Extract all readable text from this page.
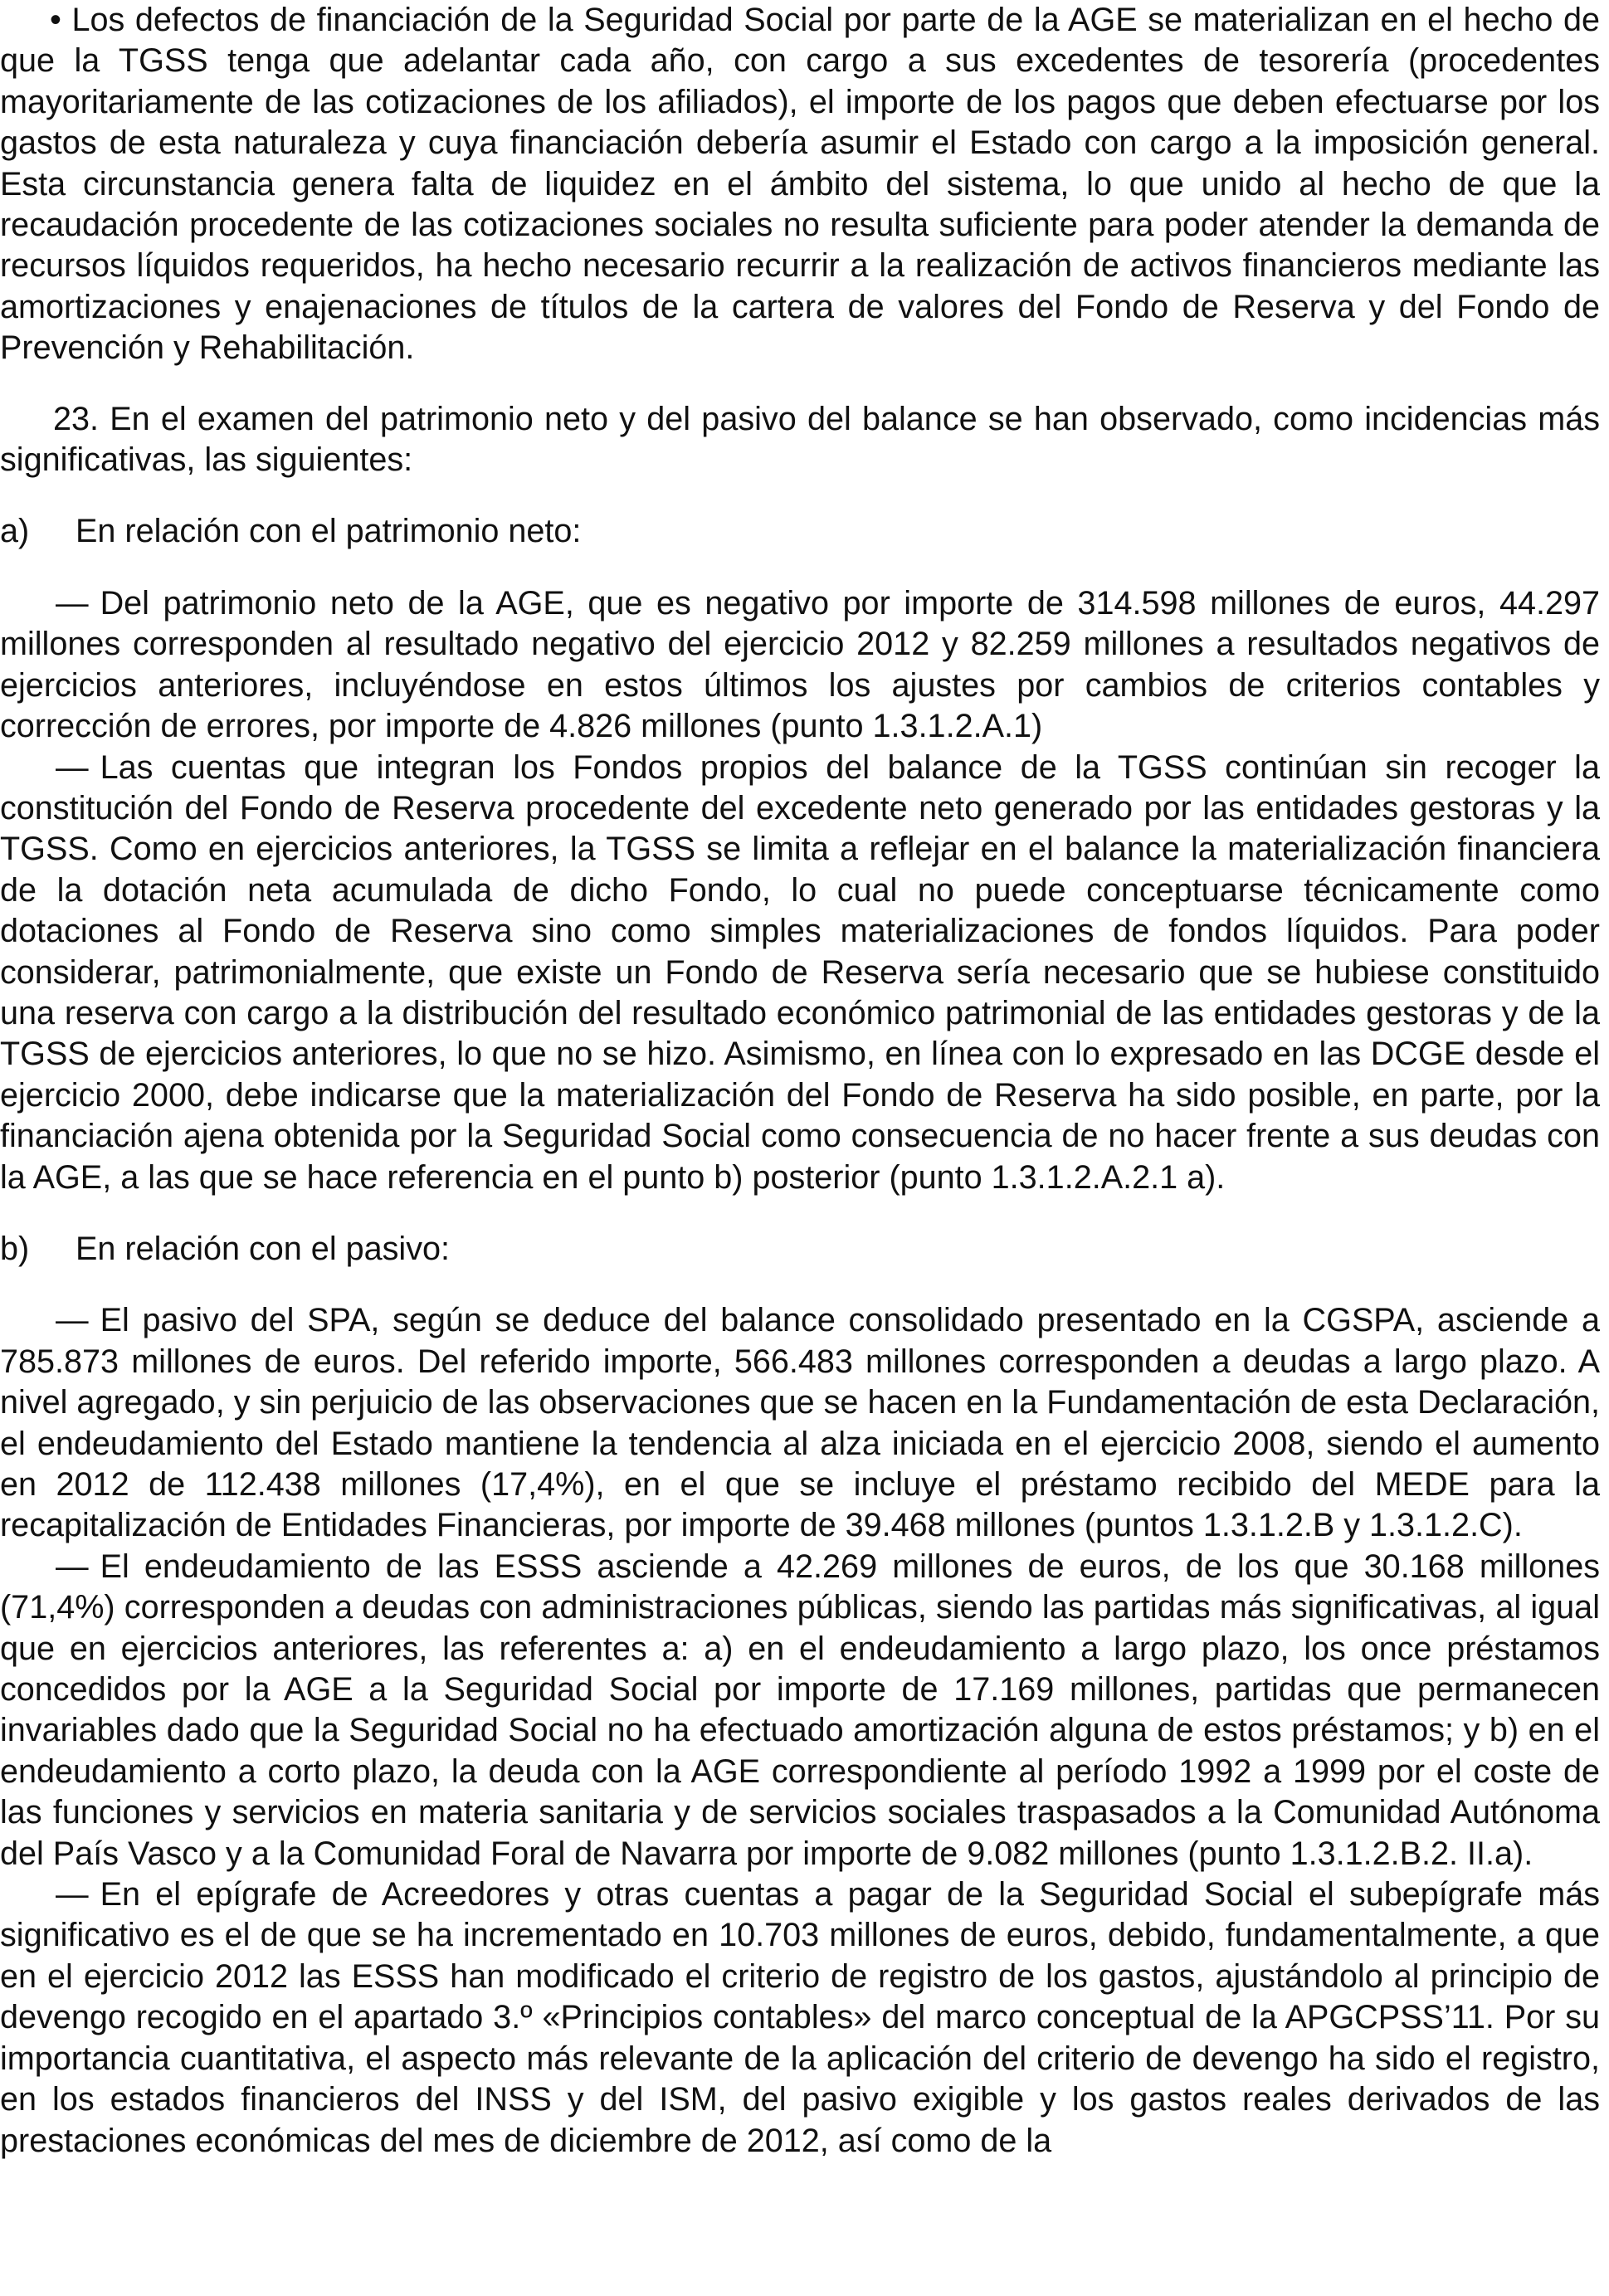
• Los defectos de financiación de la Seguridad Social por parte de la AGE se materializan en el hecho de que la TGSS tenga que adelantar cada año, con cargo a sus excedentes de tesorería (procedentes mayoritariamente de las cotizaciones de los afiliados), el importe de los pagos que deben efectuarse por los gastos de esta naturaleza y cuya financiación debería asumir el Estado con cargo a la imposición general. Esta circunstancia genera falta de liquidez en el ámbito del sistema, lo que unido al hecho de que la recaudación procedente de las cotizaciones sociales no resulta suficiente para poder atender la demanda de recursos líquidos requeridos, ha hecho necesario recurrir a la realización de activos financieros mediante las amortizaciones y enajenaciones de títulos de la cartera de valores del Fondo de Reserva y del Fondo de Prevención y Rehabilitación.

23. En el examen del patrimonio neto y del pasivo del balance se han observado, como incidencias más significativas, las siguientes:

a) En relación con el patrimonio neto:

— Del patrimonio neto de la AGE, que es negativo por importe de 314.598 millones de euros, 44.297 millones corresponden al resultado negativo del ejercicio 2012 y 82.259 millones a resultados negativos de ejercicios anteriores, incluyéndose en estos últimos los ajustes por cambios de criterios contables y corrección de errores, por importe de 4.826 millones (punto 1.3.1.2.A.1)

— Las cuentas que integran los Fondos propios del balance de la TGSS continúan sin recoger la constitución del Fondo de Reserva procedente del excedente neto generado por las entidades gestoras y la TGSS. Como en ejercicios anteriores, la TGSS se limita a reflejar en el balance la materialización financiera de la dotación neta acumulada de dicho Fondo, lo cual no puede conceptuarse técnicamente como dotaciones al Fondo de Reserva sino como simples materializaciones de fondos líquidos. Para poder considerar, patrimonialmente, que existe un Fondo de Reserva sería necesario que se hubiese constituido una reserva con cargo a la distribución del resultado económico patrimonial de las entidades gestoras y de la TGSS de ejercicios anteriores, lo que no se hizo. Asimismo, en línea con lo expresado en las DCGE desde el ejercicio 2000, debe indicarse que la materialización del Fondo de Reserva ha sido posible, en parte, por la financiación ajena obtenida por la Seguridad Social como consecuencia de no hacer frente a sus deudas con la AGE, a las que se hace referencia en el punto b) posterior (punto 1.3.1.2.A.2.1 a).

b) En relación con el pasivo:

— El pasivo del SPA, según se deduce del balance consolidado presentado en la CGSPA, asciende a 785.873 millones de euros. Del referido importe, 566.483 millones corresponden a deudas a largo plazo. A nivel agregado, y sin perjuicio de las observaciones que se hacen en la Fundamentación de esta Declaración, el endeudamiento del Estado mantiene la tendencia al alza iniciada en el ejercicio 2008, siendo el aumento en 2012 de 112.438 millones (17,4%), en el que se incluye el préstamo recibido del MEDE para la recapitalización de Entidades Financieras, por importe de 39.468 millones (puntos 1.3.1.2.B y 1.3.1.2.C).

— El endeudamiento de las ESSS asciende a 42.269 millones de euros, de los que 30.168 millones (71,4%) corresponden a deudas con administraciones públicas, siendo las partidas más significativas, al igual que en ejercicios anteriores, las referentes a: a) en el endeudamiento a largo plazo, los once préstamos concedidos por la AGE a la Seguridad Social por importe de 17.169 millones, partidas que permanecen invariables dado que la Seguridad Social no ha efectuado amortización alguna de estos préstamos; y b) en el endeudamiento a corto plazo, la deuda con la AGE correspondiente al período 1992 a 1999 por el coste de las funciones y servicios en materia sanitaria y de servicios sociales traspasados a la Comunidad Autónoma del País Vasco y a la Comunidad Foral de Navarra por importe de 9.082 millones (punto 1.3.1.2.B.2. II.a).

— En el epígrafe de Acreedores y otras cuentas a pagar de la Seguridad Social el subepígrafe más significativo es el de que se ha incrementado en 10.703 millones de euros, debido, fundamentalmente, a que en el ejercicio 2012 las ESSS han modificado el criterio de registro de los gastos, ajustándolo al principio de devengo recogido en el apartado 3.º «Principios contables» del marco conceptual de la APGCPSS’11. Por su importancia cuantitativa, el aspecto más relevante de la aplicación del criterio de devengo ha sido el registro, en los estados financieros del INSS y del ISM, del pasivo exigible y los gastos reales derivados de las prestaciones económicas del mes de diciembre de 2012, así como de la
